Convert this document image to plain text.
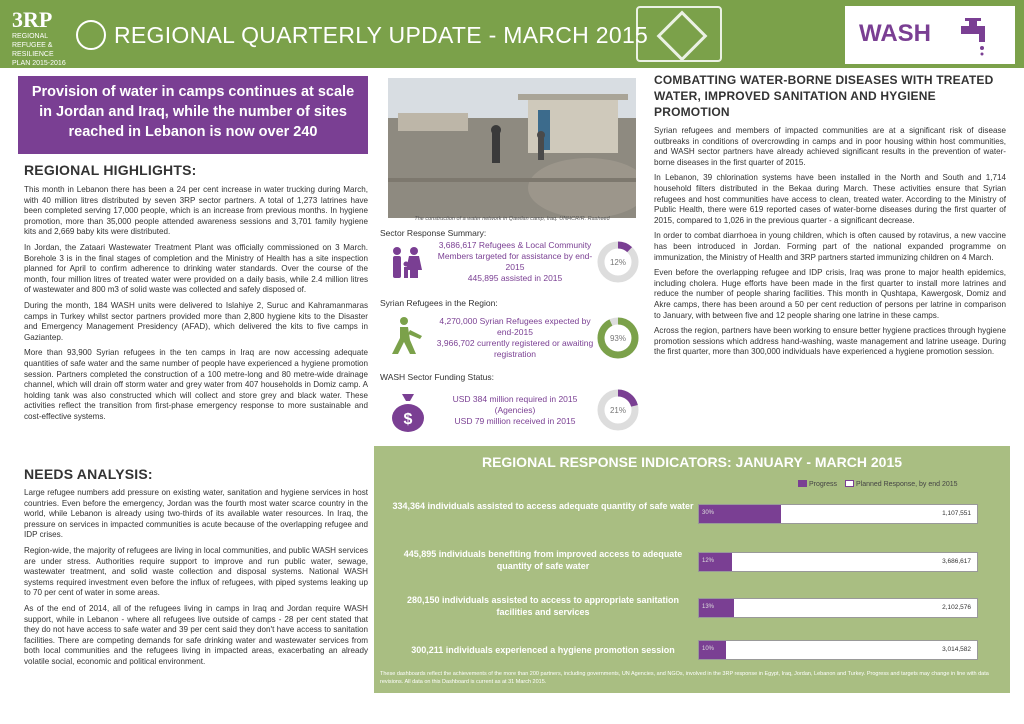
3RP
REGIONAL
REFUGEE &
RESILIENCE
PLAN 2015-2016
IN RESPONSE TO THE SYRIA CRISIS
REGIONAL QUARTERLY UPDATE - MARCH 2015	WASH
Provision of water in camps continues at scale in Jordan and Iraq, while the number of sites reached in Lebanon is now over 240
REGIONAL HIGHLIGHTS:

This month in Lebanon there has been a 24 per cent increase in water trucking during March, with 40 million litres distributed by seven 3RP sector partners. A total of 1,273 latrines have been completed serving 17,000 people, which is an increase from previous months. In hygiene promotion, more than 35,000 people attended awareness sessions and 3,701 family hygiene kits and 2,669 baby kits were distributed.

In Jordan, the Zataari Wastewater Treatment Plant was officially commissioned on 3 March. Borehole 3 is in the final stages of completion and the Ministry of Health has a site inspection planned for April to confirm adherence to drinking water standards. Over the course of the month, four million litres of treated water were provided on a daily basis, while 2.4 million litres of wastewater and 800 m3 of solid waste was collected and safely disposed of.

During the month, 184 WASH units were delivered to Islahiye 2, Suruc and Kahramanmaras camps in Turkey whilst sector partners provided more than 2,800 hygiene kits to the Disaster and Emergency Management Presidency (AFAD), which delivered the kits to five camps in Gaziantep.

More than 93,900 Syrian refugees in the ten camps in Iraq are now accessing adequate quantities of safe water and the same number of people have experienced a hygiene promotion session. Partners completed the construction of a 100 metre-long and 80 metre-wide drainage channel, which will drain off storm water and grey water from 407 households in Domiz camp. A holding tank was also constructed which will collect and store grey and black water. These activities reflect the transition from first-phase emergency response to more sustainable and cost-effective systems.

NEEDS ANALYSIS:

Large refugee numbers add pressure on existing water, sanitation and hygiene services in host countries. Even before the emergency, Jordan was the fourth most water scarce country in the world, while Lebanon is already using two-thirds of its available water resources. In Iraq, the pressure on services in impacted communities is acute because of the overlapping refugee and IDP crises.

Region-wide, the majority of refugees are living in local communities, and public WASH services are under stress. Authorities require support to improve and run public water, sewage, wastewater treatment, and solid waste collection and disposal systems. National WASH systems required investment even before the influx of refugees, with piped systems leaking up to 70 per cent of water in some areas.

As of the end of 2014, all of the refugees living in camps in Iraq and Jordan require WASH support, while in Lebanon - where all refugees live outside of camps - 28 per cent stated that they do not have access to safe water and 39 per cent said they don't have access to sanitation facilities. There are competing demands for safe drinking water and wastewater services from both local communities and the refugees living in impacted areas, exacerbating an already volatile social, economic and political environment.

The construction of a water network in Qawilan camp, Iraq. UNHCR/R. Rasheed
Sector Response Summary:
3,686,617 Refugees & Local Community Members targeted for assistance by end-2015
445,895 assisted in 2015
12%
Syrian Refugees in the Region:
4,270,000 Syrian Refugees expected by end-2015
3,966,702 currently registered or awaiting registration
93%
WASH Sector Funding Status:
$
USD 384 million required in 2015 (Agencies)
USD 79 million received in 2015
21%
COMBATTING WATER-BORNE DISEASES WITH TREATED WATER, IMPROVED SANITATION AND HYGIENE PROMOTION

Syrian refugees and members of impacted communities are at a significant risk of disease outbreaks in conditions of overcrowding in camps and in poor housing within host communities, and WASH sector partners have already achieved significant results in the prevention of water-borne diseases in the first quarter of 2015.

In Lebanon, 39 chlorination systems have been installed in the North and South and 1,714 household filters distributed in the Bekaa during March. These activities ensure that Syrian refugees and host communities have access to clean, treated water. According to the Ministry of Public Health, there were 619 reported cases of water-borne diseases during the first quarter of 2015, compared to 1,026 in the previous quarter - a significant decrease.

In order to combat diarrhoea in young children, which is often caused by rotavirus, a new vaccine has been introduced in Jordan. Forming part of the national expanded programme on immunization, the Ministry of Health and 3RP partners started immunizing children on 4 March.

Even before the overlapping refugee and IDP crisis, Iraq was prone to major health epidemics, including cholera. Huge efforts have been made in the first quarter to install more latrines and reduce the number of people sharing facilities. This month in Qushtapa, Kawergosk, Domiz and Akre camps, there has been around a 50 per cent reduction of persons per latrine in comparison to January, with between five and 12 people sharing one latrine in these camps.

Across the region, partners have been working to ensure better hygiene practices through hygiene promotion sessions which address hand-washing, waste management and latrine useage. During the first quarter, more than 300,000 individuals have experienced a hygiene promotion session.

REGIONAL RESPONSE INDICATORS: JANUARY - MARCH 2015
Progress	Planned Response, by end 2015
334,364 individuals assisted to access adequate quantity of safe water
30%	1,107,551
445,895 individuals benefiting from improved access to adequate quantity of safe water	12%	3,686,617
280,150 individuals assisted to access to appropriate sanitation facilities and services	13%	2,102,576
300,211 individuals experienced a hygiene promotion session	10%	3,014,582
These dashboards reflect the achievements of the more than 200 partners, including governments, UN Agencies, and NGOs, involved in the 3RP response in Egypt, Iraq, Jordan, Lebanon and Turkey. Progress and targets may change in line with data revisions. All data on this Dashboard is current as at 31 March 2015.
